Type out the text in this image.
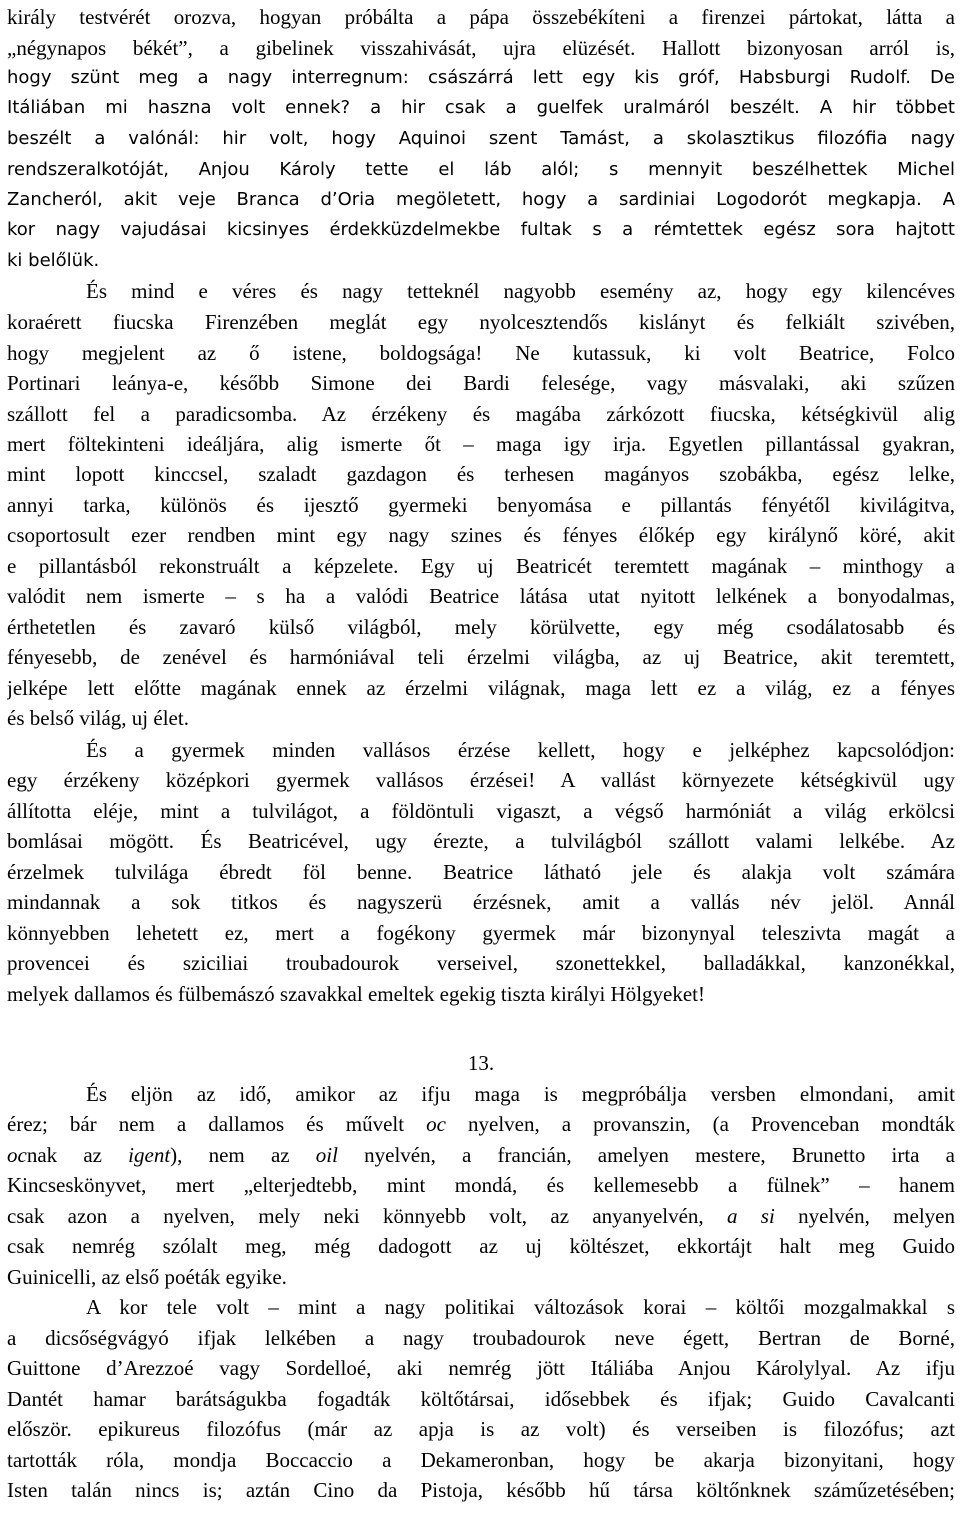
király testvérét orozva, hogyan próbálta a pápa összebékíteni a firenzei pártokat, látta a
„négynapos békét”, a gibelinek visszahivását, ujra elüzését. Hallott bizonyosan arról is,
hogy szünt meg a nagy interregnum: császárrá lett egy kis gróf, Habsburgi Rudolf. De
Itáliában mi haszna volt ennek? a hir csak a guelfek uralmáról beszélt. A hir többet
beszélt a valónál: hir volt, hogy Aquinoi szent Tamást, a skolasztikus filozófia nagy
rendszeralkotóját, Anjou Károly tette el láb alól; s mennyit beszélhettek Michel
Zancheról, akit veje Branca d’Oria megöletett, hogy a sardiniai Logodorót megkapja. A
kor nagy vajudásai kicsinyes érdekküzdelmekbe fultak s a rémtettek egész sora hajtott
ki belőlük.
És mind e véres és nagy tetteknél nagyobb esemény az, hogy egy kilencéves
koraérett fiucska Firenzében meglát egy nyolcesztendős kislányt és felkiált szivében,
hogy megjelent az ő istene, boldogsága! Ne kutassuk, ki volt Beatrice, Folco
Portinari leánya-e, később Simone dei Bardi felesége, vagy másvalaki, aki szűzen
szállott fel a paradicsomba. Az érzékeny és magába zárkózott fiucska, kétségkivül alig
mert föltekinteni ideáljára, alig ismerte őt – maga igy irja. Egyetlen pillantással gyakran,
mint lopott kinccsel, szaladt gazdagon és terhesen magányos szobákba, egész lelke,
annyi tarka, különös és ijesztő gyermeki benyomása e pillantás fényétől kivilágitva,
csoportosult ezer rendben mint egy nagy szines és fényes élőkép egy királynő köré, akit
e pillantásból rekonstruált a képzelete. Egy uj Beatricét teremtett magának – minthogy a
valódit nem ismerte – s ha a valódi Beatrice látása utat nyitott lelkének a bonyodalmas,
érthetetlen és zavaró külső világból, mely körülvette, egy még csodálatosabb és
fényesebb, de zenével és harmóniával teli érzelmi világba, az uj Beatrice, akit teremtett,
jelképe lett előtte magának ennek az érzelmi világnak, maga lett ez a világ, ez a fényes
és belső világ, uj élet.
És a gyermek minden vallásos érzése kellett, hogy e jelképhez kapcsolódjon:
egy érzékeny középkori gyermek vallásos érzései! A vallást környezete kétségkivül ugy
állította eléje, mint a tulvilágot, a földöntuli vigaszt, a végső harmóniát a világ erkölcsi
bomlásai mögött. És Beatricével, ugy érezte, a tulvilágból szállott valami lelkébe. Az
érzelmek tulvilága ébredt föl benne. Beatrice látható jele és alakja volt számára
mindannak a sok titkos és nagyszerü érzésnek, amit a vallás név jelöl. Annál
könnyebben lehetett ez, mert a fogékony gyermek már bizonynyal teleszivta magát a
provencei és sziciliai troubadourok verseivel, szonettekkel, balladákkal, kanzonékkal,
melyek dallamos és fülbemászó szavakkal emeltek egekig tiszta királyi Hölgyeket!
13.
És eljön az idő, amikor az ifju maga is megpróbálja versben elmondani, amit
érez; bár nem a dallamos és művelt oc nyelven, a provanszin, (a Provenceban mondták
ocnak az igent), nem az oil nyelvén, a francián, amelyen mestere, Brunetto irta a
Kincseskönyvet, mert „elterjedtebb, mint mondá, és kellemesebb a fülnek” – hanem
csak azon a nyelven, mely neki könnyebb volt, az anyanyelvén, a si nyelvén, melyen
csak nemrég szólalt meg, még dadogott az uj költészet, ekkortájt halt meg Guido
Guinicelli, az első poéták egyike.
A kor tele volt – mint a nagy politikai változások korai – költői mozgalmakkal s
a dicsőségvágyó ifjak lelkében a nagy troubadourok neve égett, Bertran de Borné,
Guittone d’Arezzoé vagy Sordelloé, aki nemrég jött Itáliába Anjou Károlylyal. Az ifju
Dantét hamar barátságukba fogadták költőtársai, idősebbek és ifjak; Guido Cavalcanti
először. epikureus filozófus (már az apja is az volt) és verseiben is filozófus; azt
tartották róla, mondja Boccaccio a Dekameronban, hogy be akarja bizonyitani, hogy
Isten talán nincs is; aztán Cino da Pistoja, később hű társa költőnknek száműzetésében;
